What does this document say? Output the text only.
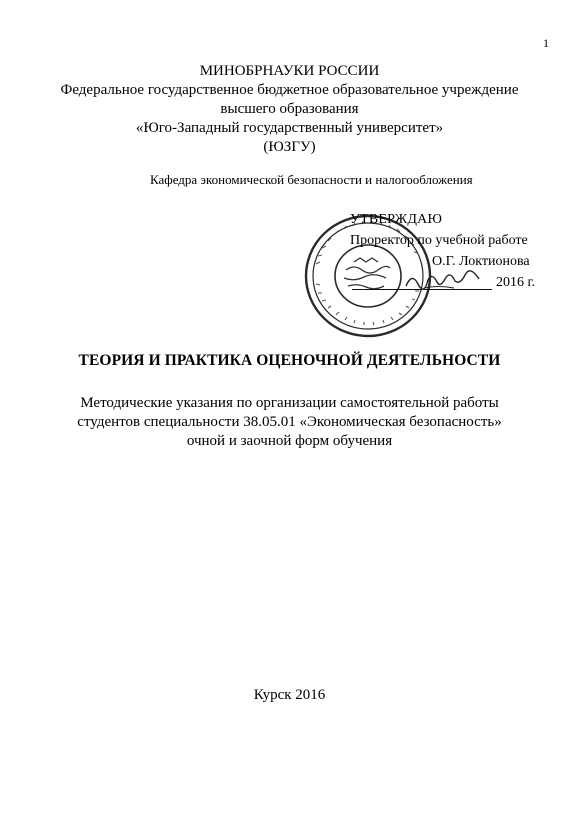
1
МИНОБРНАУКИ РОССИИ
Федеральное государственное бюджетное образовательное учреждение
высшего образования
«Юго-Западный государственный университет»
(ЮЗГУ)
Кафедра экономической безопасности и налогообложения
УТВЕРЖДАЮ
Проректор по учебной работе
О.Г. Локтионова
2016 г.
ТЕОРИЯ И ПРАКТИКА ОЦЕНОЧНОЙ ДЕЯТЕЛЬНОСТИ
Методические указания по организации самостоятельной работы
студентов специальности 38.05.01 «Экономическая безопасность»
очной и заочной форм обучения
Курск 2016
